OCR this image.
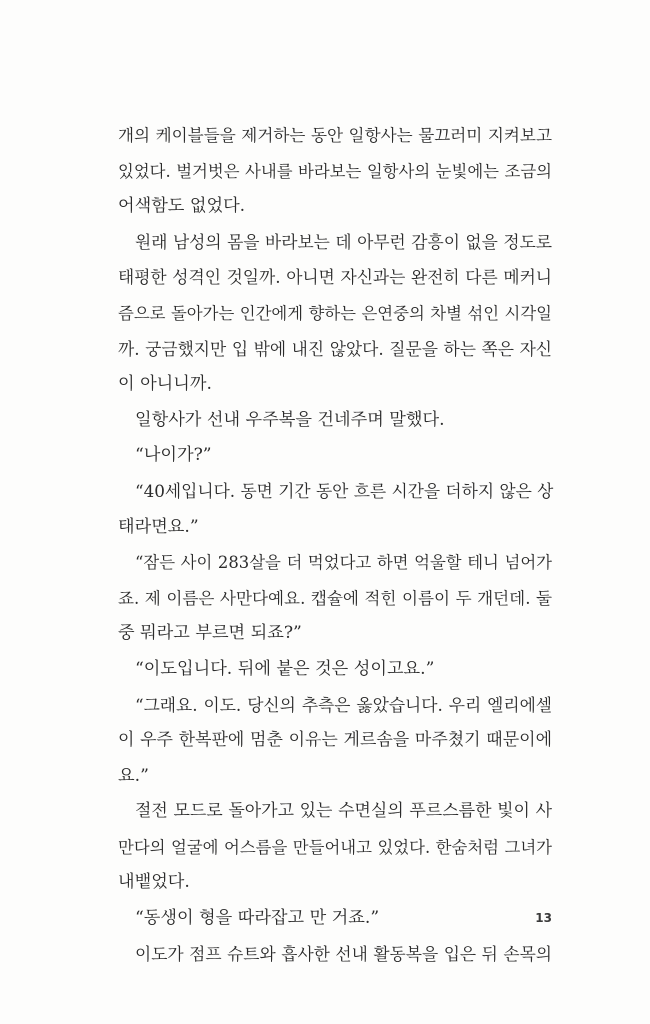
개의 케이블들을 제거하는 동안 일항사는 물끄러미 지켜보고
있었다. 벌거벗은 사내를 바라보는 일항사의 눈빛에는 조금의
어색함도 없었다.
원래 남성의 몸을 바라보는 데 아무런 감흥이 없을 정도로
태평한 성격인 것일까. 아니면 자신과는 완전히 다른 메커니
즘으로 돌아가는 인간에게 향하는 은연중의 차별 섞인 시각일
까. 궁금했지만 입 밖에 내진 않았다. 질문을 하는 쪽은 자신
이 아니니까.
일항사가 선내 우주복을 건네주며 말했다.
“나이가?”
“40세입니다. 동면 기간 동안 흐른 시간을 더하지 않은 상
태라면요.”
“잠든 사이 283살을 더 먹었다고 하면 억울할 테니 넘어가
죠. 제 이름은 사만다예요. 캡슐에 적힌 이름이 두 개던데. 둘
중 뭐라고 부르면 되죠?”
“이도입니다. 뒤에 붙은 것은 성이고요.”
“그래요. 이도. 당신의 추측은 옳았습니다. 우리 엘리에셀
이 우주 한복판에 멈춘 이유는 게르솜을 마주쳤기 때문이에
요.”
절전 모드로 돌아가고 있는 수면실의 푸르스름한 빛이 사
만다의 얼굴에 어스름을 만들어내고 있었다. 한숨처럼 그녀가
내뱉었다.
“동생이 형을 따라잡고 만 거죠.”
이도가 점프 슈트와 흡사한 선내 활동복을 입은 뒤 손목의
13
